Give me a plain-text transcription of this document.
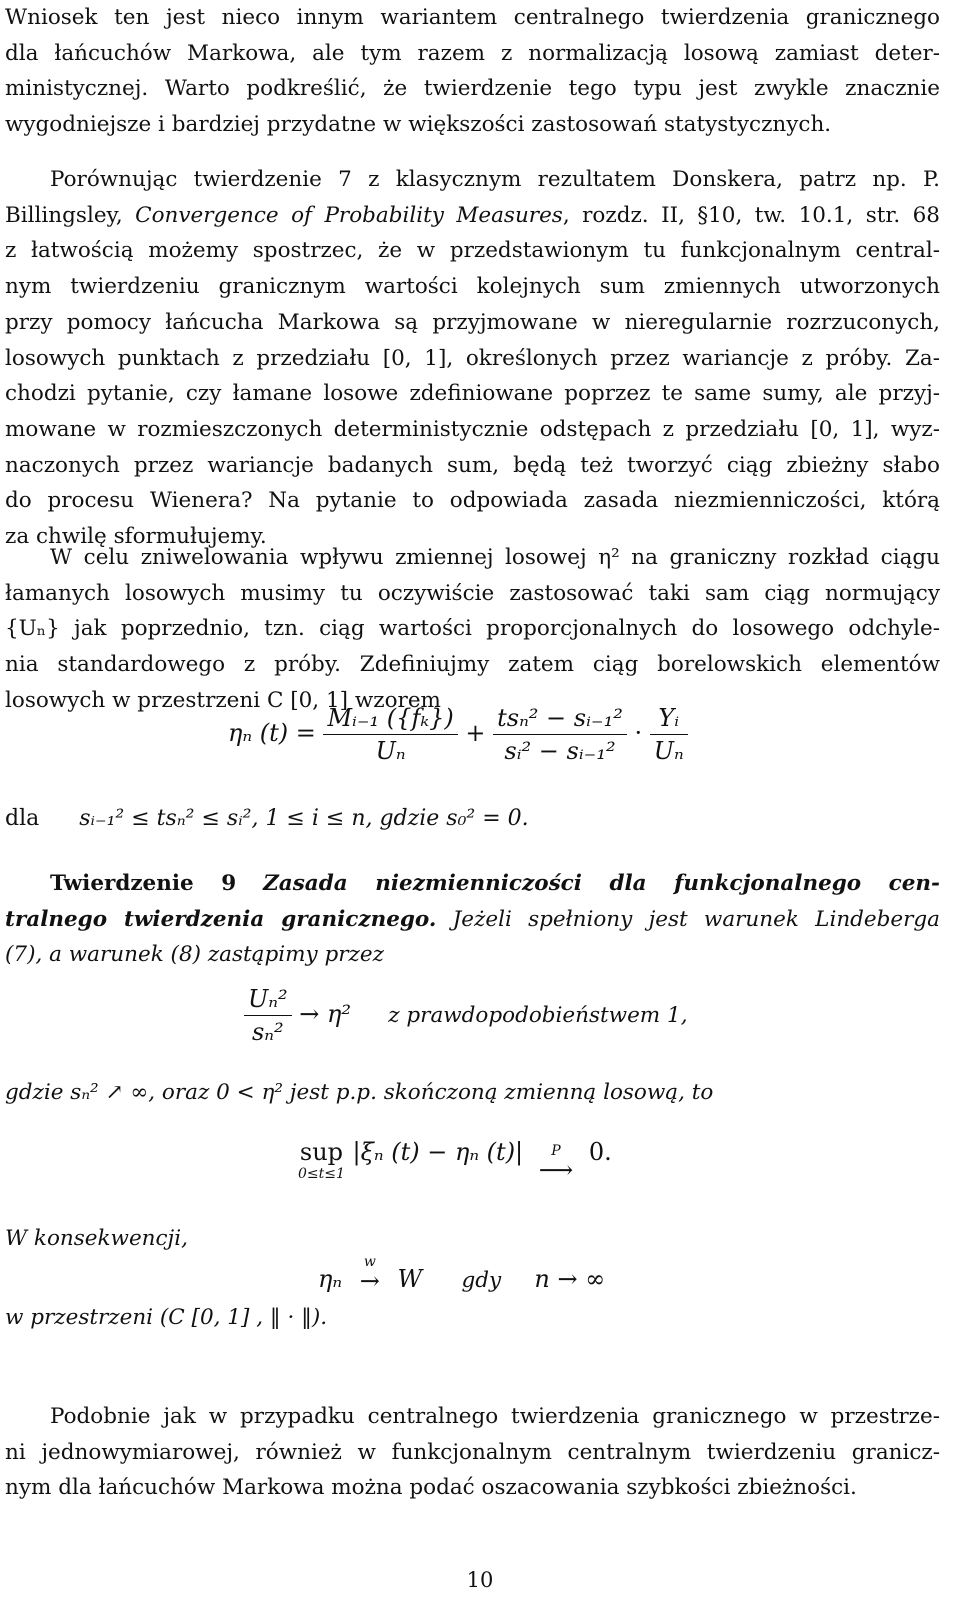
Wniosek ten jest nieco innym wariantem centralnego twierdzenia granicznego
dla łańcuchów Markowa, ale tym razem z normalizacją losową zamiast deter-
ministycznej. Warto podkreślić, że twierdzenie tego typu jest zwykle znacznie
wygodniejsze i bardziej przydatne w większości zastosowań statystycznych.
Porównując twierdzenie 7 z klasycznym rezultatem Donskera, patrz np. P.
Billingsley, Convergence of Probability Measures, rozdz. II, §10, tw. 10.1, str. 68
z łatwością możemy spostrzec, że w przedstawionym tu funkcjonalnym central-
nym twierdzeniu granicznym wartości kolejnych sum zmiennych utworzonych
przy pomocy łańcucha Markowa są przyjmowane w nieregularnie rozrzuconych,
losowych punktach z przedziału [0, 1], określonych przez wariancje z próby. Za-
chodzi pytanie, czy łamane losowe zdefiniowane poprzez te same sumy, ale przyj-
mowane w rozmieszczonych deterministycznie odstępach z przedziału [0, 1], wyz-
naczonych przez wariancje badanych sum, będą też tworzyć ciąg zbieżny słabo
do procesu Wienera? Na pytanie to odpowiada zasada niezmienniczości, którą
za chwilę sformułujemy.
W celu zniwelowania wpływu zmiennej losowej η² na graniczny rozkład ciągu
łamanych losowych musimy tu oczywiście zastosować taki sam ciąg normujący
{Uₙ} jak poprzednio, tzn. ciąg wartości proporcjonalnych do losowego odchyle-
nia standardowego z próby. Zdefiniujmy zatem ciąg borelowskich elementów
losowych w przestrzeni C [0, 1] wzorem
ηₙ $(t) = \frac{\text{Mᵢ₋₁ (\{fₖ\})}}{\text{Uₙ}} + \frac{\text{tsₙ² − sᵢ₋₁²}}{\text{sᵢ² − sᵢ₋₁²}} \cdot \frac{\text{Yᵢ}}{\text{Uₙ}}$
dla sᵢ₋₁² ≤ tsₙ² ≤ sᵢ², 1 ≤ i ≤ n, gdzie s₀² = 0.
Twierdzenie 9 Zasada niezmienniczości dla funkcjonalnego cen-
tralnego twierdzenia granicznego. Jeżeli spełniony jest warunek Lindeberga
(7), a warunek (8) zastąpimy przez
$\frac{\text{Uₙ²}}{\text{sₙ²}} \to \eta^2$ z prawdopodobieństwem 1,
gdzie sₙ² ↗ ∞, oraz 0 < η² jest p.p. skończoną zmienną losową, to
sup
0≤t≤1
|ξₙ (t) − ηₙ (t)|	P
⟶
0.
W konsekwencji,
ηₙ
w
→ W gdy n → ∞
w przestrzeni (C [0, 1] , ‖ · ‖).
Podobnie jak w przypadku centralnego twierdzenia granicznego w przestrze-
ni jednowymiarowej, również w funkcjonalnym centralnym twierdzeniu granicz-
nym dla łańcuchów Markowa można podać oszacowania szybkości zbieżności.
10
